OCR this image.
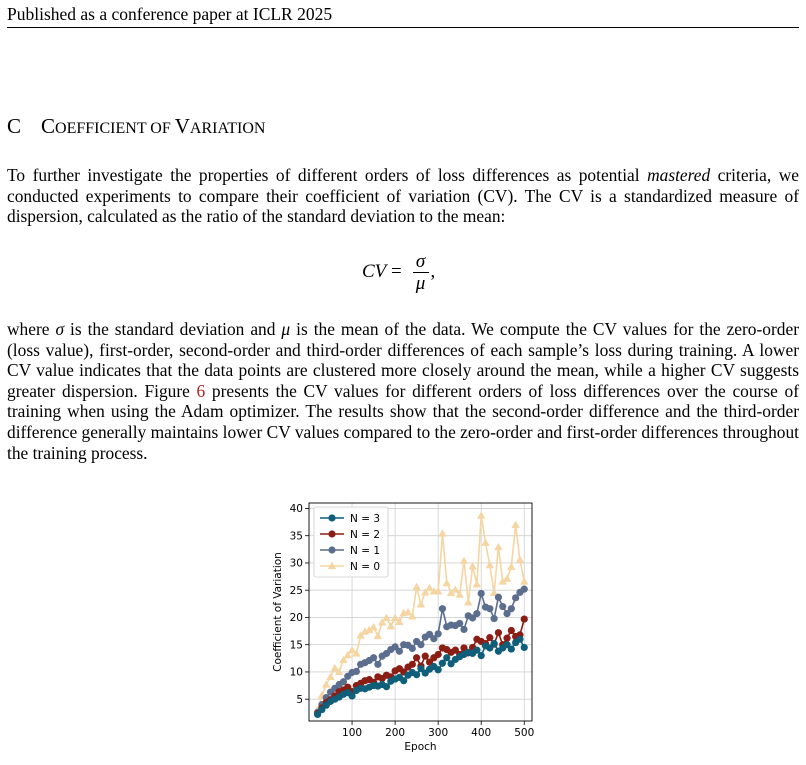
Published as a conference paper at ICLR 2025
C COEFFICIENT OF VARIATION

To further investigate the properties of different orders of loss differences as potential mastered criteria, we conducted experiments to compare their coefficient of variation (CV). The CV is a standardized measure of dispersion, calculated as the ratio of the standard deviation to the mean:

CV = $\frac{\sigma}{\mu}$ ,

where σ is the standard deviation and μ is the mean of the data. We compute the CV values for the zero-order (loss value), first-order, second-order and third-order differences of each sample’s loss during training. A lower CV value indicates that the data points are clustered more closely around the mean, while a higher CV suggests greater dispersion. Figure 6 presents the CV values for different orders of loss differences over the course of training when using the Adam optimizer. The results show that the second-order difference and the third-order difference generally maintains lower CV values compared to the zero-order and first-order differences throughout the training process.

100 200 300 400 500
5
10
15
20
25
30
35
40
Epoch
Coefficient of Variation
N = 3
N = 2
N = 1
N = 0
